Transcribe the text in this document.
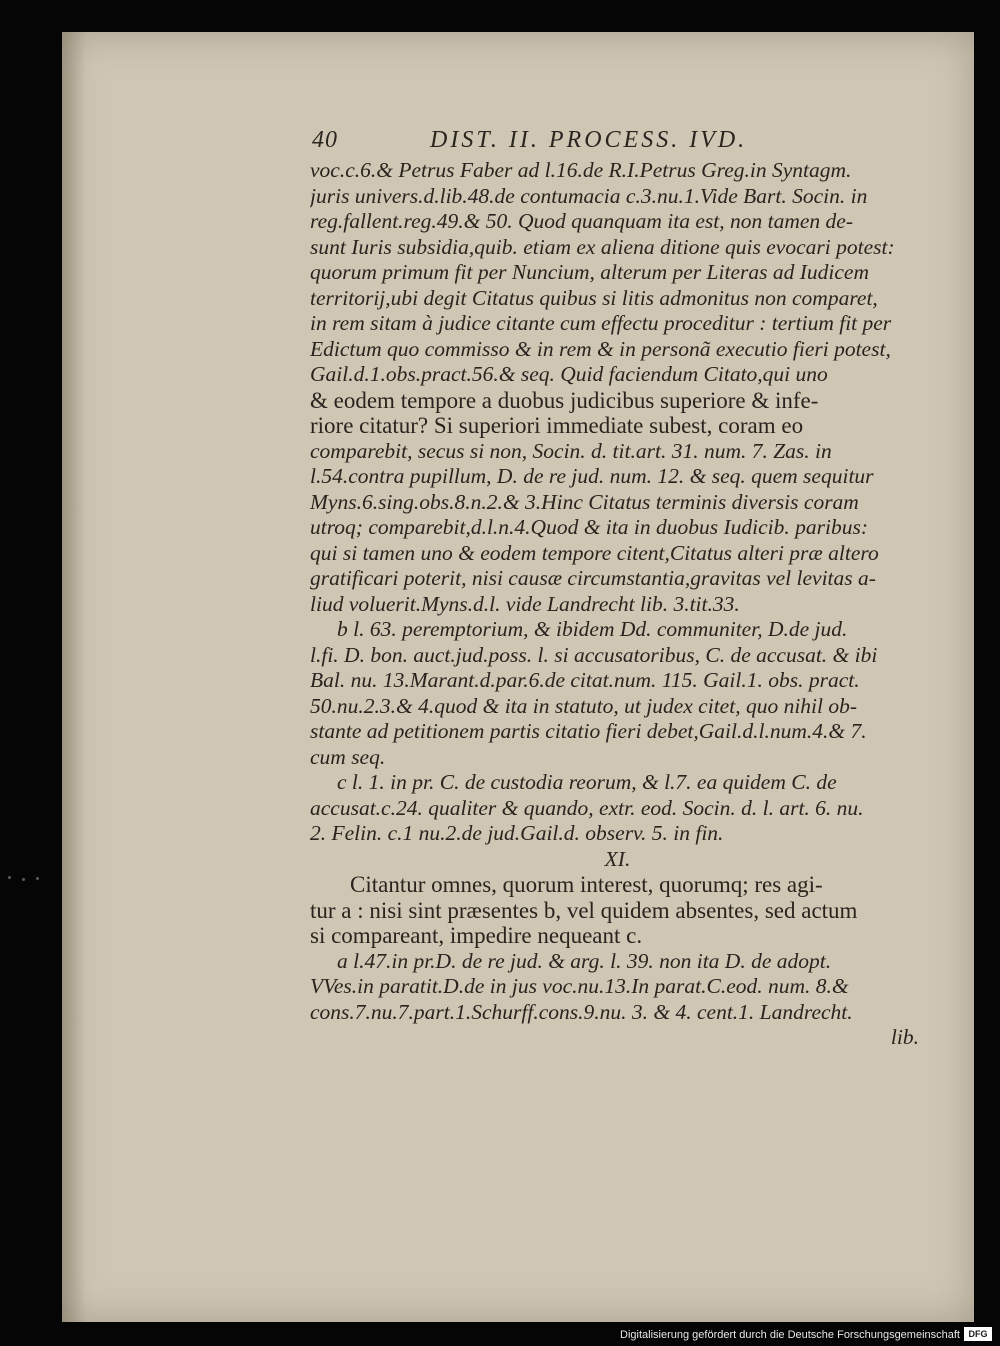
40	DIST. II. PROCESS. IVD.
voc.c.6.& Petrus Faber ad l.16.de R.I.Petrus Greg.in Syntagm.
juris univers.d.lib.48.de contumacia c.3.nu.1.Vide Bart. Socin. in
reg.fallent.reg.49.& 50. Quod quanquam ita est, non tamen de-
sunt Iuris subsidia,quib. etiam ex aliena ditione quis evocari potest:
quorum primum fit per Nuncium, alterum per Literas ad Iudicem
territorij,ubi degit Citatus quibus si litis admonitus non comparet,
in rem sitam à judice citante cum effectu proceditur : tertium fit per
Edictum quo commisso & in rem & in personã executio fieri potest,
Gail.d.1.obs.pract.56.& seq. Quid faciendum Citato,qui uno
& eodem tempore a duobus judicibus superiore & infe-
riore citatur? Si superiori immediate subest, coram eo
comparebit, secus si non, Socin. d. tit.art. 31. num. 7. Zas. in
l.54.contra pupillum, D. de re jud. num. 12. & seq. quem sequitur
Myns.6.sing.obs.8.n.2.& 3.Hinc Citatus terminis diversis coram
utroq; comparebit,d.l.n.4.Quod & ita in duobus Iudicib. paribus:
qui si tamen uno & eodem tempore citent,Citatus alteri præ altero
gratificari poterit, nisi causæ circumstantia,gravitas vel levitas a-
liud voluerit.Myns.d.l. vide Landrecht lib. 3.tit.33.
b l. 63. peremptorium, & ibidem Dd. communiter, D.de jud.
l.fi. D. bon. auct.jud.poss. l. si accusatoribus, C. de accusat. & ibi
Bal. nu. 13.Marant.d.par.6.de citat.num. 115. Gail.1. obs. pract.
50.nu.2.3.& 4.quod & ita in statuto, ut judex citet, quo nihil ob-
stante ad petitionem partis citatio fieri debet,Gail.d.l.num.4.& 7.
cum seq.
c l. 1. in pr. C. de custodia reorum, & l.7. ea quidem C. de
accusat.c.24. qualiter & quando, extr. eod. Socin. d. l. art. 6. nu.
2. Felin. c.1 nu.2.de jud.Gail.d. observ. 5. in fin.
XI.
Citantur omnes, quorum interest, quorumq; res agi-
tur a : nisi sint præsentes b, vel quidem absentes, sed actum
si compareant, impedire nequeant c.
a l.47.in pr.D. de re jud. & arg. l. 39. non ita D. de adopt.
VVes.in paratit.D.de in jus voc.nu.13.In parat.C.eod. num. 8.&
cons.7.nu.7.part.1.Schurff.cons.9.nu. 3. & 4. cent.1. Landrecht.
lib.
Digitalisierung gefördert durch die Deutsche Forschungsgemeinschaft DFG
